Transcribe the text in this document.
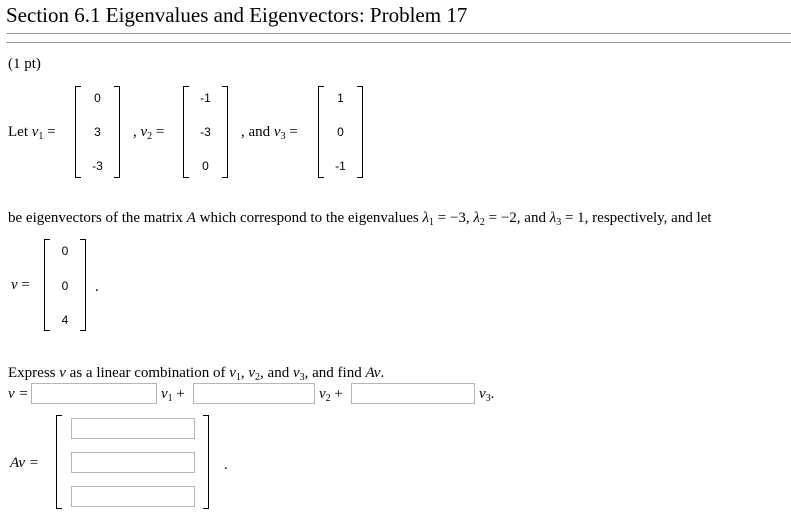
Section 6.1 Eigenvalues and Eigenvectors: Problem 17
(1 pt)
Let $v_1$ =
0
3
-3
, $v_2$ =
-1
-3
0
, and $v_3$ =
1
0
-1
be eigenvectors of the matrix A which correspond to the eigenvalues $\lambda_1 = -3$, $\lambda_2 = -2$, and $\lambda_3 = 1$, respectively, and let
v =
0
0
4
.
Express v as a linear combination of $v_1$, $v_2$, and $v_3$, and find Av.
v =	$v_1$ +	$v_2$ +	$v_3$.
Av =	.
